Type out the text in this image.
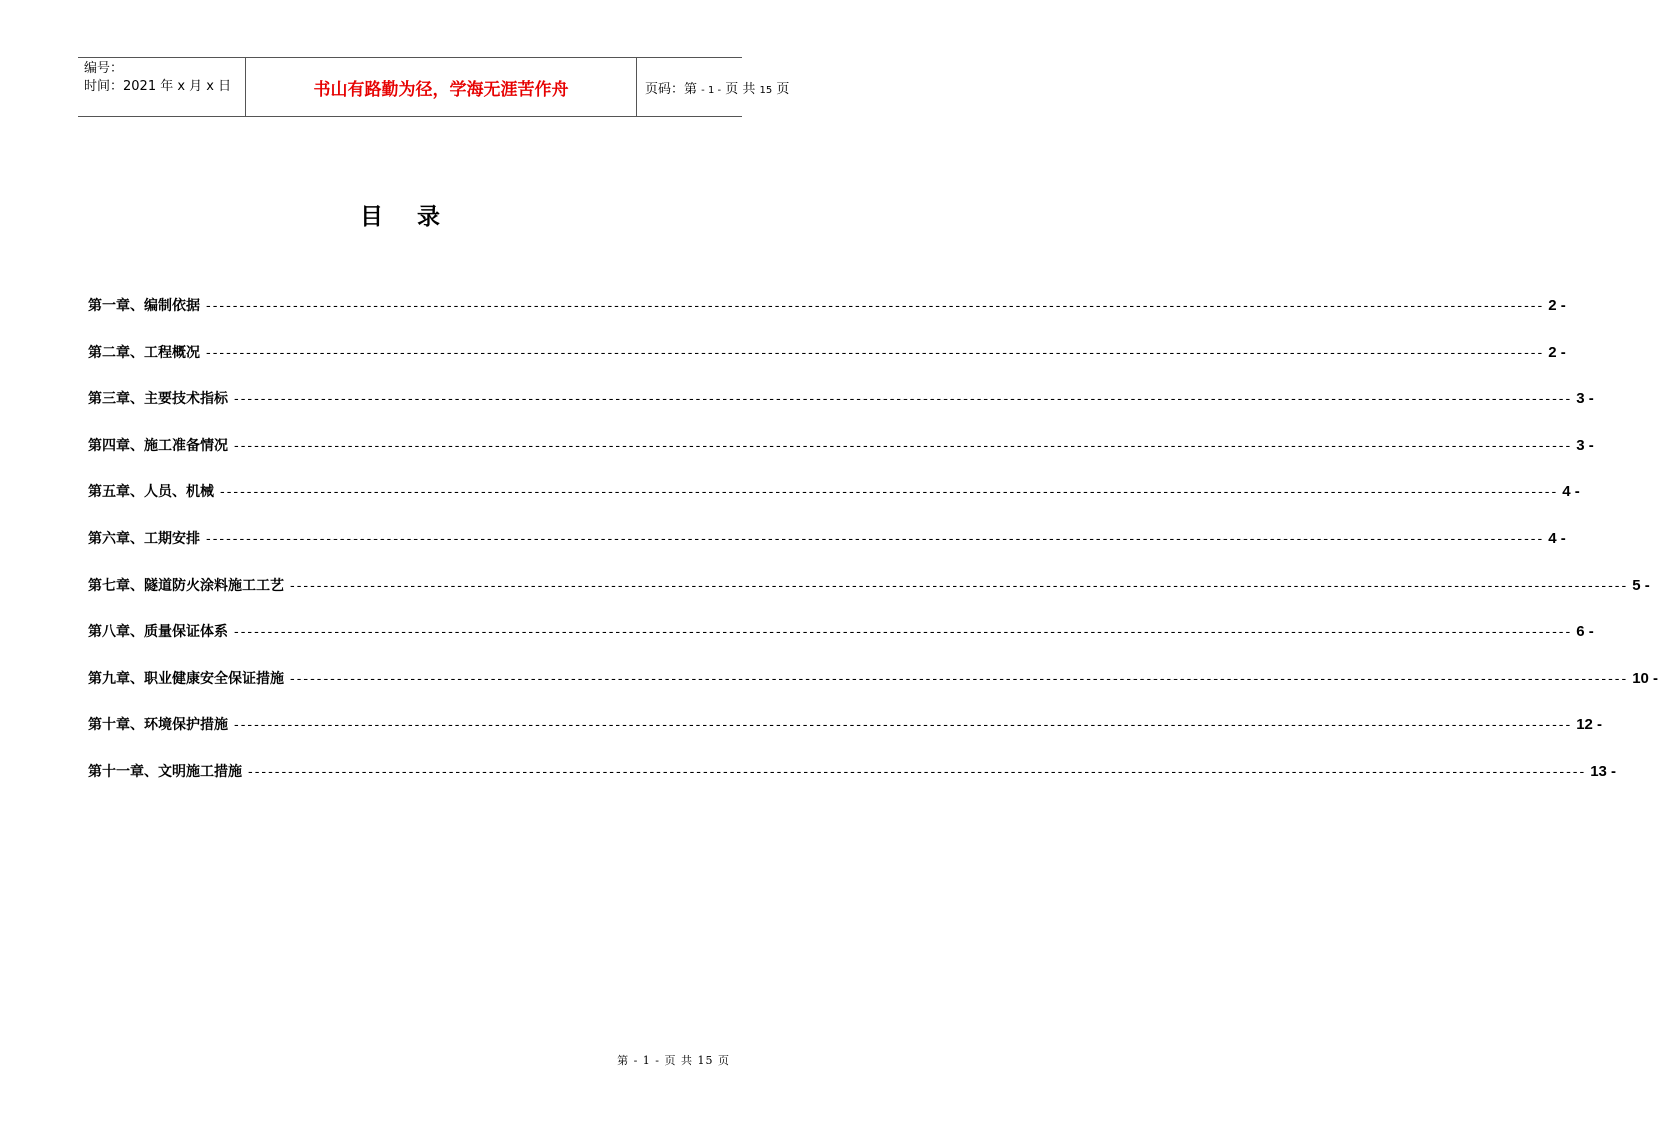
编号：
时间：2021 年 x 月 x 日	书山有路勤为径，学海无涯苦作舟	页码：第 - 1 - 页 共 15 页
目录
第一章、编制依据 -------------------------------------------------------------------------------------------------------------------------------------------------------------------------------------------------------- 2 -
第二章、工程概况 -------------------------------------------------------------------------------------------------------------------------------------------------------------------------------------------------------- 2 -
第三章、主要技术指标 -------------------------------------------------------------------------------------------------------------------------------------------------------------------------------------------------------- 3 -
第四章、施工准备情况 -------------------------------------------------------------------------------------------------------------------------------------------------------------------------------------------------------- 3 -
第五章、人员、机械 -------------------------------------------------------------------------------------------------------------------------------------------------------------------------------------------------------- 4 -
第六章、工期安排 -------------------------------------------------------------------------------------------------------------------------------------------------------------------------------------------------------- 4 -
第七章、隧道防火涂料施工工艺 -------------------------------------------------------------------------------------------------------------------------------------------------------------------------------------------------------- 5 -
第八章、质量保证体系 -------------------------------------------------------------------------------------------------------------------------------------------------------------------------------------------------------- 6 -
第九章、职业健康安全保证措施 -------------------------------------------------------------------------------------------------------------------------------------------------------------------------------------------------------- 10 -
第十章、环境保护措施 -------------------------------------------------------------------------------------------------------------------------------------------------------------------------------------------------------- 12 -
第十一章、文明施工措施 -------------------------------------------------------------------------------------------------------------------------------------------------------------------------------------------------------- 13 -
第 - 1 - 页 共 15 页
